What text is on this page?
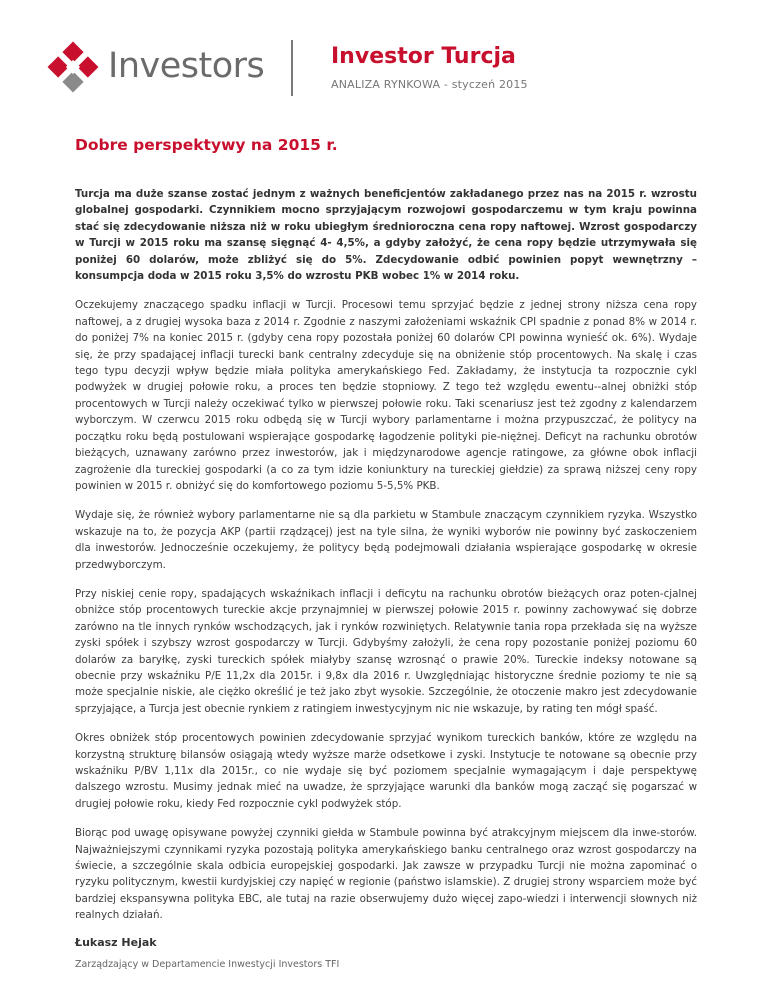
Investors	Investor Turcja
ANALIZA RYNKOWA - styczeń 2015
Dobre perspektywy na 2015 r.
Turcja ma duże szanse zostać jednym z ważnych beneficjentów zakładanego przez nas na 2015 r. wzrostu globalnej gospodarki. Czynnikiem mocno sprzyjającym rozwojowi gospodarczemu w tym kraju powinna stać się zdecydowanie niższa niż w roku ubiegłym średnioroczna cena ropy naftowej. Wzrost gospodarczy w Turcji w 2015 roku ma szansę sięgnąć 4- 4,5%, a gdyby założyć, że cena ropy będzie utrzymywała się poniżej 60 dolarów, może zbliżyć się do 5%. Zdecydowanie odbić powinien popyt wewnętrzny – konsumpcja doda w 2015 roku 3,5% do wzrostu PKB wobec 1% w 2014 roku.
Oczekujemy znaczącego spadku inflacji w Turcji. Procesowi temu sprzyjać będzie z jednej strony niższa cena ropy naftowej, a z drugiej wysoka baza z 2014 r. Zgodnie z naszymi założeniami wskaźnik CPI spadnie z ponad 8% w 2014 r. do poniżej 7% na koniec 2015 r. (gdyby cena ropy pozostała poniżej 60 dolarów CPI powinna wynieść ok. 6%). Wydaje się, że przy spadającej inflacji turecki bank centralny zdecyduje się na obniżenie stóp procentowych. Na skalę i czas tego typu decyzji wpływ będzie miała polityka amerykańskiego Fed. Zakładamy, że instytucja ta rozpocznie cykl podwyżek w drugiej połowie roku, a proces ten będzie stopniowy. Z tego też względu ewentu-‑alnej obniżki stóp procentowych w Turcji należy oczekiwać tylko w pierwszej połowie roku. Taki scenariusz jest też zgodny z kalendarzem wyborczym. W czerwcu 2015 roku odbędą się w Turcji wybory parlamentarne i można przypuszczać, że politycy na początku roku będą postulowani wspierające gospodarkę łagodzenie polityki pie-niężnej. Deficyt na rachunku obrotów bieżących, uznawany zarówno przez inwestorów, jak i międzynarodowe agencje ratingowe, za główne obok inflacji zagrożenie dla tureckiej gospodarki (a co za tym idzie koniunktury na tureckiej giełdzie) za sprawą niższej ceny ropy powinien w 2015 r. obniżyć się do komfortowego poziomu 5-5,5% PKB.
Wydaje się, że również wybory parlamentarne nie są dla parkietu w Stambule znaczącym czynnikiem ryzyka. Wszystko wskazuje na to, że pozycja AKP (partii rządzącej) jest na tyle silna, że wyniki wyborów nie powinny być zaskoczeniem dla inwestorów. Jednocześnie oczekujemy, że politycy będą podejmowali działania wspierające gospodarkę w okresie przedwyborczym.
Przy niskiej cenie ropy, spadających wskaźnikach inflacji i deficytu na rachunku obrotów bieżących oraz poten-cjalnej obniżce stóp procentowych tureckie akcje przynajmniej w pierwszej połowie 2015 r. powinny zachowywać się dobrze zarówno na tle innych rynków wschodzących, jak i rynków rozwiniętych. Relatywnie tania ropa przekłada się na wyższe zyski spółek i szybszy wzrost gospodarczy w Turcji. Gdybyśmy założyli, że cena ropy pozostanie poniżej poziomu 60 dolarów za baryłkę, zyski tureckich spółek miałyby szansę wzrosnąć o prawie 20%. Tureckie indeksy notowane są obecnie przy wskaźniku P/E 11,2x dla 2015r. i 9,8x dla 2016 r. Uwzględniając historyczne średnie poziomy te nie są może specjalnie niskie, ale ciężko określić je też jako zbyt wysokie. Szczególnie, że otoczenie makro jest zdecydowanie sprzyjające, a Turcja jest obecnie rynkiem z ratingiem inwestycyjnym nic nie wskazuje, by rating ten mógł spaść.
Okres obniżek stóp procentowych powinien zdecydowanie sprzyjać wynikom tureckich banków, które ze względu na korzystną strukturę bilansów osiągają wtedy wyższe marże odsetkowe i zyski. Instytucje te notowane są obecnie przy wskaźniku P/BV 1,11x dla 2015r., co nie wydaje się być poziomem specjalnie wymagającym i daje perspektywę dalszego wzrostu. Musimy jednak mieć na uwadze, że sprzyjające warunki dla banków mogą zacząć się pogarszać w drugiej połowie roku, kiedy Fed rozpocznie cykl podwyżek stóp.
Biorąc pod uwagę opisywane powyżej czynniki giełda w Stambule powinna być atrakcyjnym miejscem dla inwe-storów. Najważniejszymi czynnikami ryzyka pozostają polityka amerykańskiego banku centralnego oraz wzrost gospodarczy na świecie, a szczególnie skala odbicia europejskiej gospodarki. Jak zawsze w przypadku Turcji nie można zapominać o ryzyku politycznym, kwestii kurdyjskiej czy napięć w regionie (państwo islamskie). Z drugiej strony wsparciem może być bardziej ekspansywna polityka EBC, ale tutaj na razie obserwujemy dużo więcej zapo-wiedzi i interwencji słownych niż realnych działań.
Łukasz Hejak
Zarządzający w Departamencie Inwestycji Investors TFI
